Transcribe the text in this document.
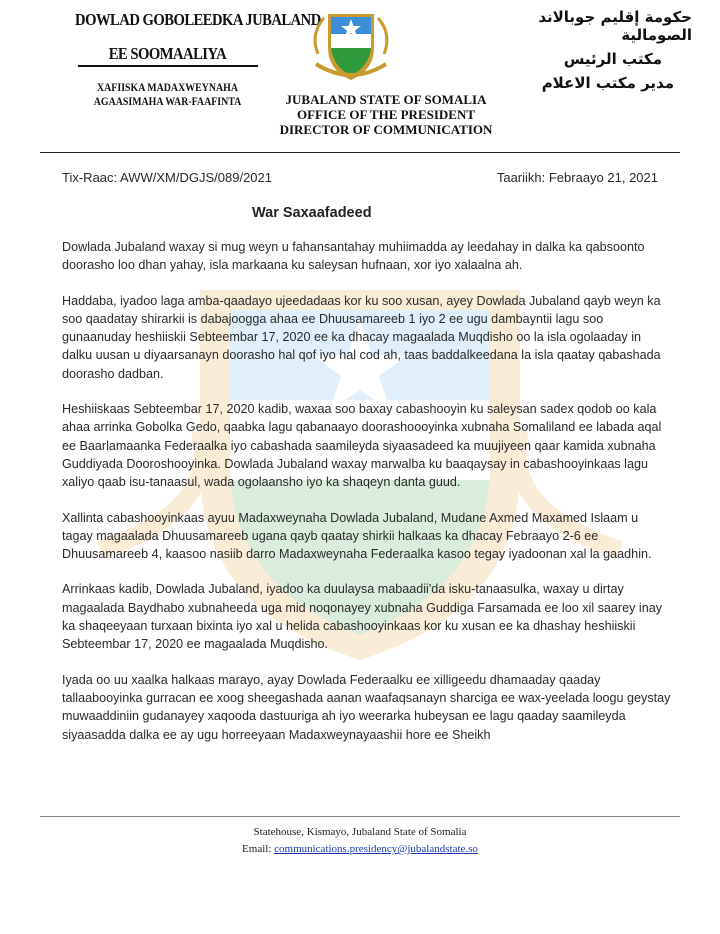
DOWLAD GOBOLEEDKA JUBALAND
EE SOOMAALIYA
XAFIISKA MADAXWEYNAHA
AGAASIMAHA WAR-FAAFINTA	JUBALAND STATE OF SOMALIA
OFFICE OF THE PRESIDENT
DIRECTOR OF COMMUNICATION
حكومة إقليم جوبالاند الصومالية
مكتب الرئيس
مدير مكتب الاعلام
Tix-Raac: AWW/XM/DGJS/089/2021	Taariikh: Febraayo 21, 2021
War Saxaafadeed

Dowlada Jubaland waxay si mug weyn u fahansantahay muhiimadda ay leedahay in dalka ka qabsoonto doorasho loo dhan yahay, isla markaana ku saleysan hufnaan, xor iyo xalaalna ah.

Haddaba, iyadoo laga amba-qaadayo ujeedadaas kor ku soo xusan, ayey Dowlada Jubaland qayb weyn ka soo qaadatay shirarkii is dabajoogga ahaa ee Dhuusamareeb 1 iyo 2 ee ugu dambayntii lagu soo gunaanuday heshiiskii Sebteembar 17, 2020 ee ka dhacay magaalada Muqdisho oo la isla ogolaaday in dalku uusan u diyaarsanayn doorasho hal qof iyo hal cod ah, taas baddalkeedana la isla qaatay qabashada doorasho dadban.

Heshiiskaas Sebteembar 17, 2020 kadib, waxaa soo baxay cabashooyin ku saleysan sadex qodob oo kala ahaa arrinka Gobolka Gedo, qaabka lagu qabanaayo doorashoooyinka xubnaha Somaliland ee labada aqal ee Baarlamaanka Federaalka iyo cabashada saamileyda siyaasadeed ka muujiyeen qaar kamida xubnaha Guddiyada Dooroshooyinka. Dowlada Jubaland waxay marwalba ku baaqaysay in cabashooyinkaas lagu xaliyo qaab isu-tanaasul, wada ogolaansho iyo ka shaqeyn danta guud.

Xallinta cabashooyinkaas ayuu Madaxweynaha Dowlada Jubaland, Mudane Axmed Maxamed Islaam u tagay magaalada Dhuusamareeb ugana qayb qaatay shirkii halkaas ka dhacay Febraayo 2-6 ee Dhuusamareeb 4, kaasoo nasiib darro Madaxweynaha Federaalka kasoo tegay iyadoonan xal la gaadhin.

Arrinkaas kadib, Dowlada Jubaland, iyadoo ka duulaysa mabaadii'da isku-tanaasulka, waxay u dirtay magaalada Baydhabo xubnaheeda uga mid noqonayey xubnaha Guddiga Farsamada ee loo xil saarey inay ka shaqeeyaan turxaan bixinta iyo xal u helida cabashooyinkaas kor ku xusan ee ka dhashay heshiiskii Sebteembar 17, 2020 ee magaalada Muqdisho.

Iyada oo uu xaalka halkaas marayo, ayay Dowlada Federaalku ee xilligeedu dhamaaday qaaday tallaabooyinka gurracan ee xoog sheegashada aanan waafaqsanayn sharciga ee wax-yeelada loogu geystay muwaaddiniin gudanayey xaqooda dastuuriga ah iyo weerarka hubeysan ee lagu qaaday saamileyda siyaasadda dalka ee ay ugu horreeyaan Madaxweynayaashii hore ee Sheikh

Statehouse, Kismayo, Jubaland State of Somalia
Email: communications.presidency@jubalandstate.so
